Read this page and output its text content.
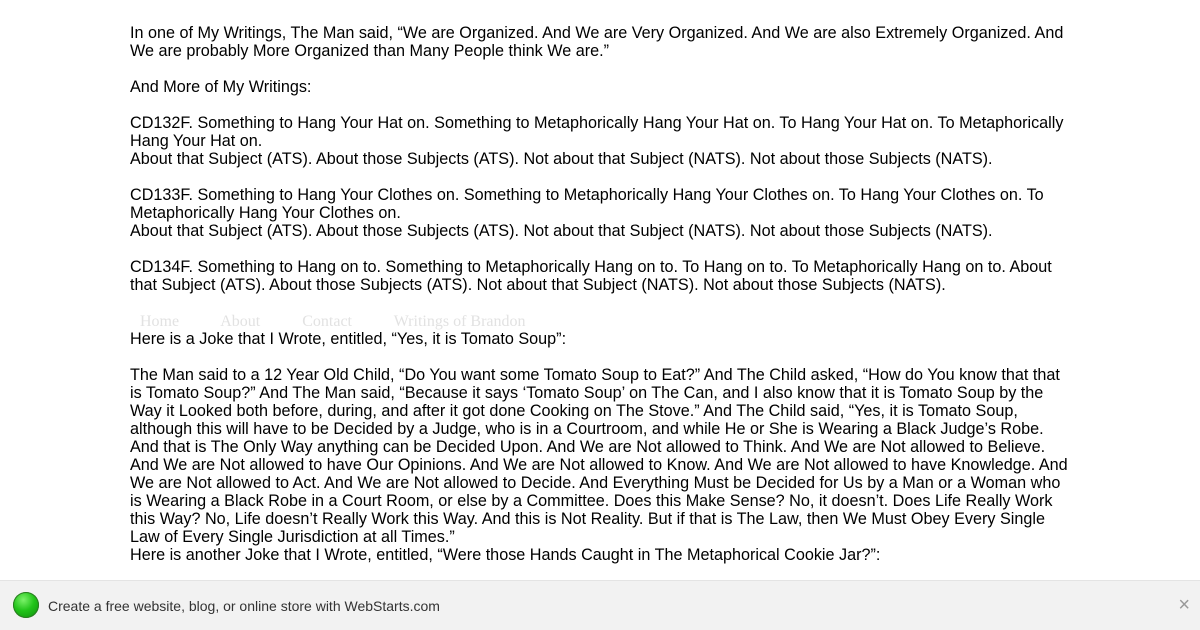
In one of My Writings, The Man said, “We are Organized. And We are Very Organized. And We are also Extremely Organized. And We are probably More Organized than Many People think We are.”

And More of My Writings:

CD132F. Something to Hang Your Hat on. Something to Metaphorically Hang Your Hat on. To Hang Your Hat on. To Metaphorically Hang Your Hat on.

About that Subject (ATS). About those Subjects (ATS). Not about that Subject (NATS). Not about those Subjects (NATS).

CD133F. Something to Hang Your Clothes on. Something to Metaphorically Hang Your Clothes on. To Hang Your Clothes on. To Metaphorically Hang Your Clothes on.

About that Subject (ATS). About those Subjects (ATS). Not about that Subject (NATS). Not about those Subjects (NATS).

CD134F. Something to Hang on to. Something to Metaphorically Hang on to. To Hang on to. To Metaphorically Hang on to. About that Subject (ATS). About those Subjects (ATS). Not about that Subject (NATS). Not about those Subjects (NATS).

Here is a Joke that I Wrote, entitled, “Yes, it is Tomato Soup”:

The Man said to a 12 Year Old Child, “Do You want some Tomato Soup to Eat?” And The Child asked, “How do You know that that is Tomato Soup?” And The Man said, “Because it says ‘Tomato Soup’ on The Can, and I also know that it is Tomato Soup by the Way it Looked both before, during, and after it got done Cooking on The Stove.” And The Child said, “Yes, it is Tomato Soup, although this will have to be Decided by a Judge, who is in a Courtroom, and while He or She is Wearing a Black Judge’s Robe. And that is The Only Way anything can be Decided Upon. And We are Not allowed to Think. And We are Not allowed to Believe. And We are Not allowed to have Our Opinions. And We are Not allowed to Know. And We are Not allowed to have Knowledge. And We are Not allowed to Act. And We are Not allowed to Decide. And Everything Must be Decided for Us by a Man or a Woman who is Wearing a Black Robe in a Court Room, or else by a Committee. Does this Make Sense? No, it doesn’t. Does Life Really Work this Way? No, Life doesn’t Really Work this Way. And this is Not Reality. But if that is The Law, then We Must Obey Every Single Law of Every Single Jurisdiction at all Times.”

Here is another Joke that I Wrote, entitled, “Were those Hands Caught in The Metaphorical Cookie Jar?”:

Home	About	Contact	Writings of Brandon
Create a free website, blog, or online store with WebStarts.com	×
